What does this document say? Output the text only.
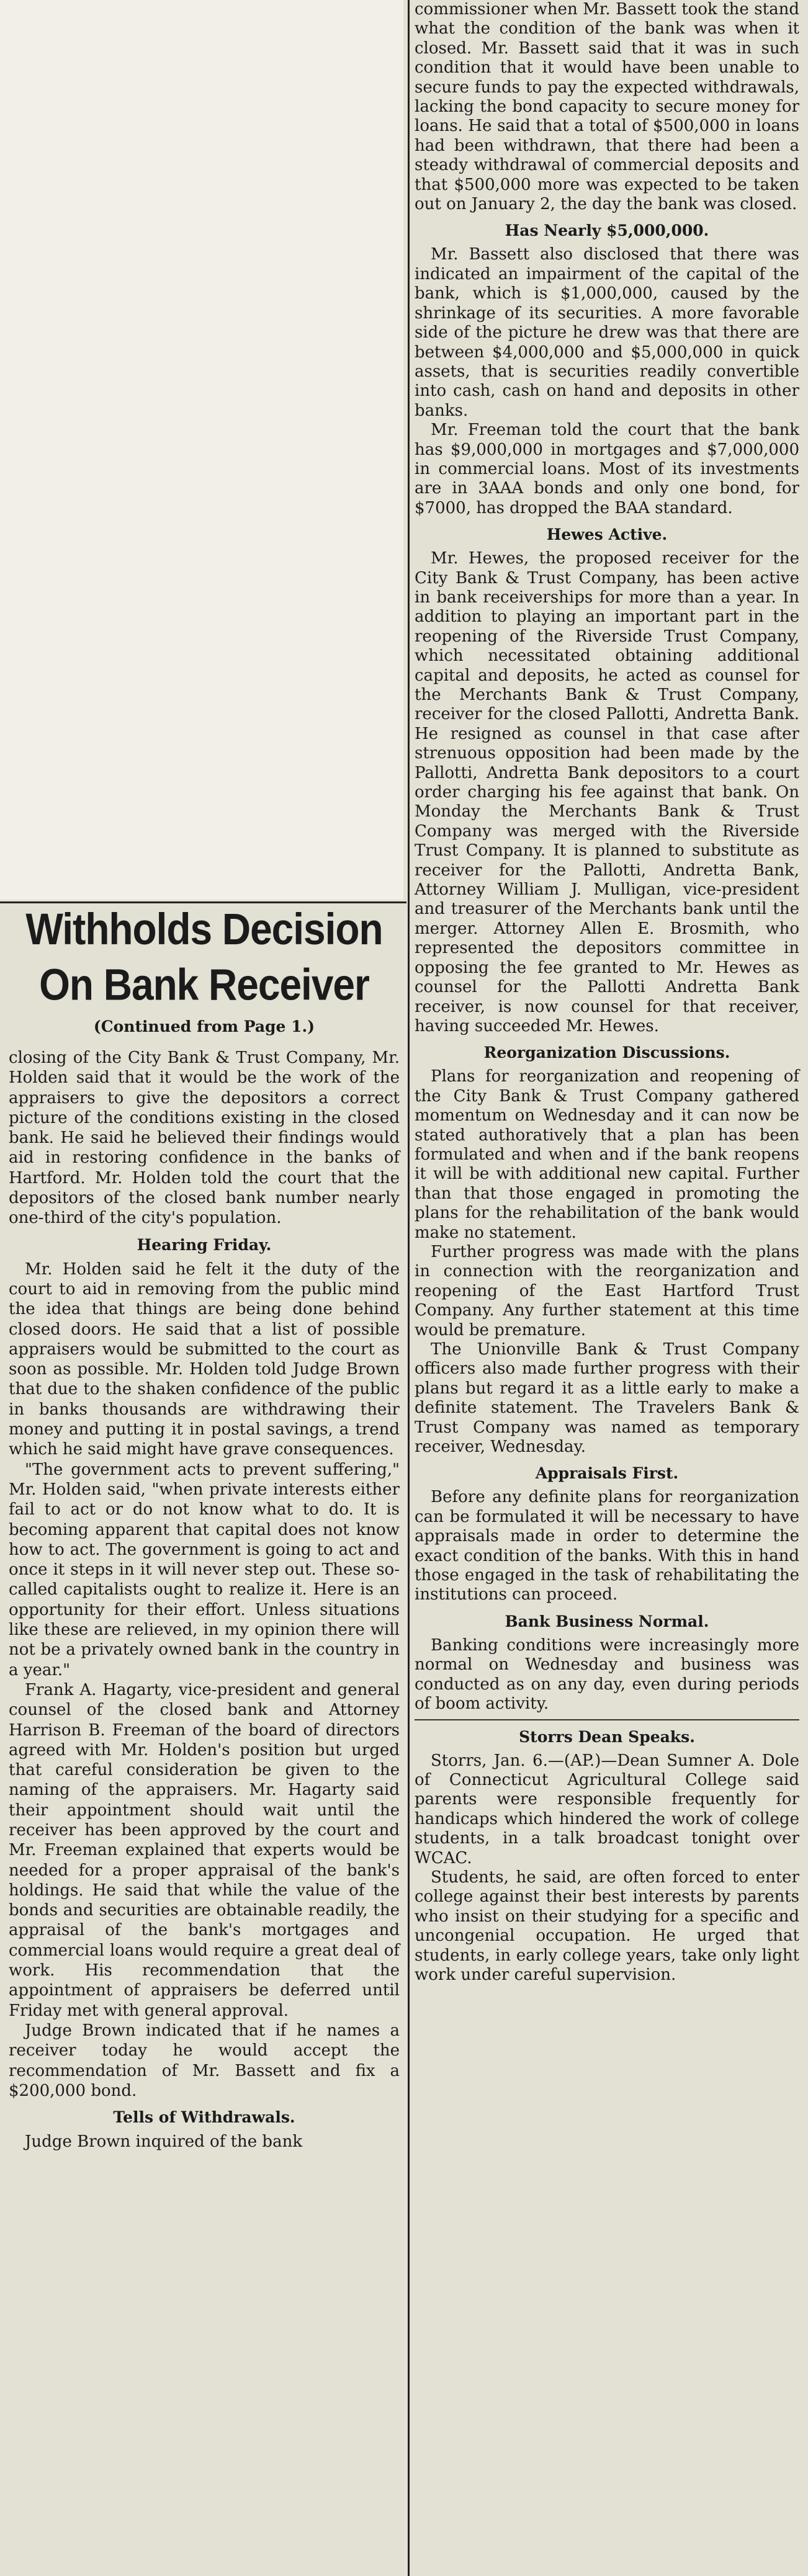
commissioner when Mr. Bassett took the stand what the condition of the bank was when it closed. Mr. Bassett said that it was in such condition that it would have been unable to secure funds to pay the expected withdrawals, lacking the bond capacity to secure money for loans. He said that a total of $500,000 in loans had been withdrawn, that there had been a steady withdrawal of commercial deposits and that $500,000 more was expected to be taken out on January 2, the day the bank was closed.

Has Nearly $5,000,000.

Mr. Bassett also disclosed that there was indicated an impairment of the capital of the bank, which is $1,000,000, caused by the shrinkage of its securities. A more favorable side of the picture he drew was that there are between $4,000,000 and $5,000,000 in quick assets, that is securities readily convertible into cash, cash on hand and deposits in other banks.

Mr. Freeman told the court that the bank has $9,000,000 in mortgages and $7,000,000 in commercial loans. Most of its investments are in 3AAA bonds and only one bond, for $7000, has dropped the BAA standard.

Hewes Active.

Mr. Hewes, the proposed receiver for the City Bank & Trust Company, has been active in bank receiverships for more than a year. In addition to playing an important part in the reopening of the Riverside Trust Company, which necessitated obtaining additional capital and deposits, he acted as counsel for the Merchants Bank & Trust Company, receiver for the closed Pallotti, Andretta Bank. He resigned as counsel in that case after strenuous opposition had been made by the Pallotti, Andretta Bank depositors to a court order charging his fee against that bank. On Monday the Merchants Bank & Trust Company was merged with the Riverside Trust Company. It is planned to substitute as receiver for the Pallotti, Andretta Bank, Attorney William J. Mulligan, vice-president and treasurer of the Merchants bank until the merger. Attorney Allen E. Brosmith, who represented the depositors committee in opposing the fee granted to Mr. Hewes as counsel for the Pallotti Andretta Bank receiver, is now counsel for that receiver, having succeeded Mr. Hewes.

Reorganization Discussions.

Plans for reorganization and reopening of the City Bank & Trust Company gathered momentum on Wednesday and it can now be stated authoratively that a plan has been formulated and when and if the bank reopens it will be with additional new capital. Further than that those engaged in promoting the plans for the rehabilitation of the bank would make no statement.

Further progress was made with the plans in connection with the reorganization and reopening of the East Hartford Trust Company. Any further statement at this time would be premature.

The Unionville Bank & Trust Company officers also made further progress with their plans but regard it as a little early to make a definite statement. The Travelers Bank & Trust Company was named as temporary receiver, Wednesday.

Appraisals First.

Before any definite plans for reorganization can be formulated it will be necessary to have appraisals made in order to determine the exact condition of the banks. With this in hand those engaged in the task of rehabilitating the institutions can proceed.

Bank Business Normal.

Banking conditions were increasingly more normal on Wednesday and business was conducted as on any day, even during periods of boom activity.

Storrs Dean Speaks.

Storrs, Jan. 6.—(AP.)—Dean Sumner A. Dole of Connecticut Agricultural College said parents were responsible frequently for handicaps which hindered the work of college students, in a talk broadcast tonight over WCAC.

Students, he said, are often forced to enter college against their best interests by parents who insist on their studying for a specific and uncongenial occupation. He urged that students, in early college years, take only light work under careful supervision.

Withholds Decision
On Bank Receiver
(Continued from Page 1.)

closing of the City Bank & Trust Company, Mr. Holden said that it would be the work of the appraisers to give the depositors a correct picture of the conditions existing in the closed bank. He said he believed their findings would aid in restoring confidence in the banks of Hartford. Mr. Holden told the court that the depositors of the closed bank number nearly one-third of the city's population.

Hearing Friday.

Mr. Holden said he felt it the duty of the court to aid in removing from the public mind the idea that things are being done behind closed doors. He said that a list of possible appraisers would be submitted to the court as soon as possible. Mr. Holden told Judge Brown that due to the shaken confidence of the public in banks thousands are withdrawing their money and putting it in postal savings, a trend which he said might have grave consequences.

"The government acts to prevent suffering," Mr. Holden said, "when private interests either fail to act or do not know what to do. It is becoming apparent that capital does not know how to act. The government is going to act and once it steps in it will never step out. These so-called capitalists ought to realize it. Here is an opportunity for their effort. Unless situations like these are relieved, in my opinion there will not be a privately owned bank in the country in a year."

Frank A. Hagarty, vice-president and general counsel of the closed bank and Attorney Harrison B. Freeman of the board of directors agreed with Mr. Holden's position but urged that careful consideration be given to the naming of the appraisers. Mr. Hagarty said their appointment should wait until the receiver has been approved by the court and Mr. Freeman explained that experts would be needed for a proper appraisal of the bank's holdings. He said that while the value of the bonds and securities are obtainable readily, the appraisal of the bank's mortgages and commercial loans would require a great deal of work. His recommendation that the appointment of appraisers be deferred until Friday met with general approval.

Judge Brown indicated that if he names a receiver today he would accept the recommendation of Mr. Bassett and fix a $200,000 bond.

Tells of Withdrawals.

Judge Brown inquired of the bank
